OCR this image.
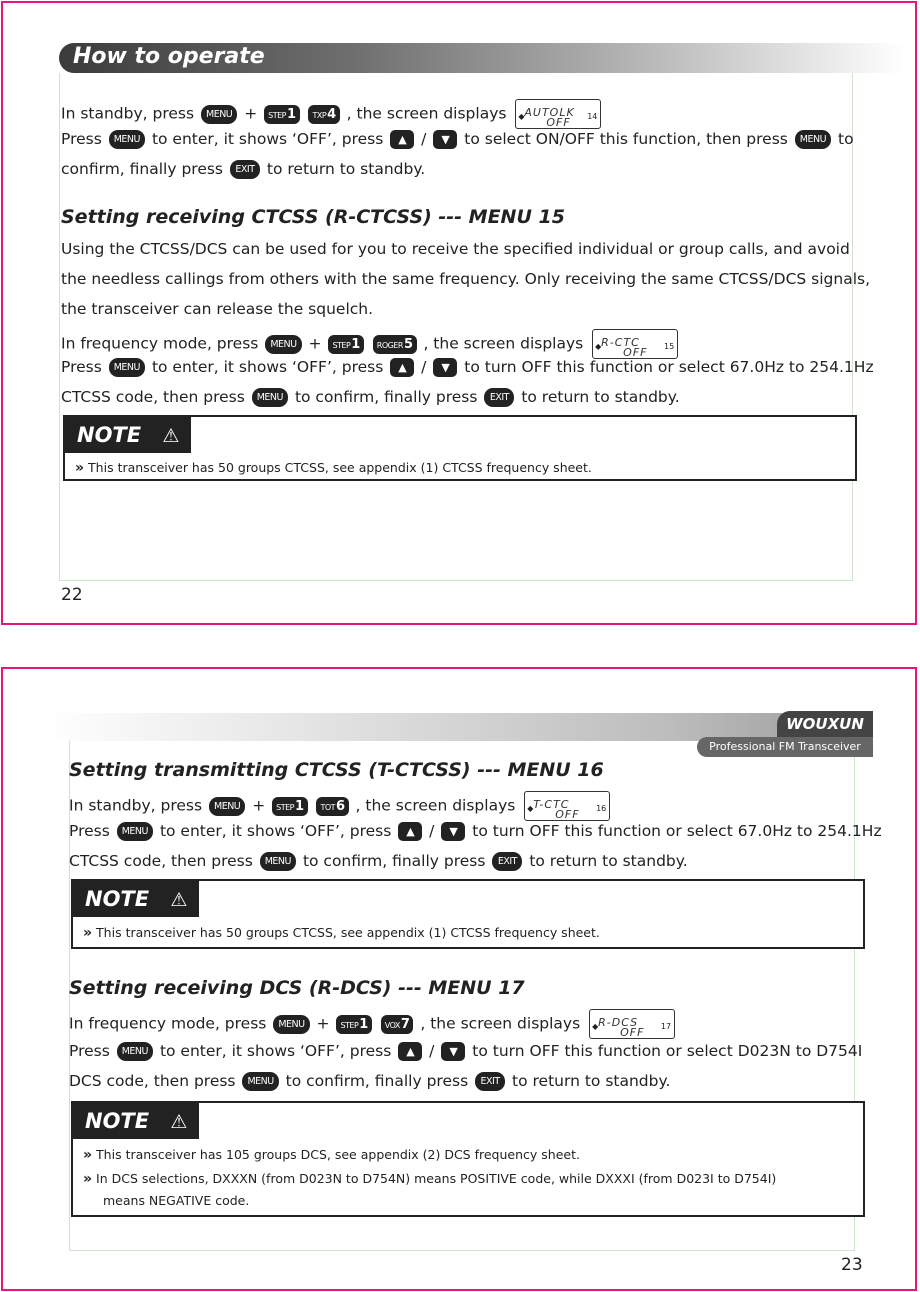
How to operate
In standby, press MENU + STEP1 TXP4 , the screen displays ◆ AUTOLK
OFF 14
Press MENU to enter, it shows ‘OFF’, press ▲ / ▼ to select ON/OFF this function, then press MENU to
confirm, finally press EXIT to return to standby.
Setting receiving CTCSS (R-CTCSS) --- MENU 15
Using the CTCSS/DCS can be used for you to receive the specified individual or group calls, and avoid
the needless callings from others with the same frequency. Only receiving the same CTCSS/DCS signals,
the transceiver can release the squelch.
In frequency mode, press MENU + STEP1 ROGER5 , the screen displays ◆ R-CTC
OFF 15
Press MENU to enter, it shows ‘OFF’, press ▲ / ▼ to turn OFF this function or select 67.0Hz to 254.1Hz
CTCSS code, then press MENU to confirm, finally press EXIT to return to standby.
NOTE ⚠
» This transceiver has 50 groups CTCSS, see appendix (1) CTCSS frequency sheet.
22
WOUXUN
Professional FM Transceiver
Setting transmitting CTCSS (T-CTCSS) --- MENU 16
In standby, press MENU + STEP1 TOT6 , the screen displays ◆ T-CTC
OFF 16
Press MENU to enter, it shows ‘OFF’, press ▲ / ▼ to turn OFF this function or select 67.0Hz to 254.1Hz
CTCSS code, then press MENU to confirm, finally press EXIT to return to standby.
NOTE ⚠
» This transceiver has 50 groups CTCSS, see appendix (1) CTCSS frequency sheet.
Setting receiving DCS (R-DCS) --- MENU 17
In frequency mode, press MENU + STEP1 VOX7 , the screen displays ◆ R-DCS
OFF 17
Press MENU to enter, it shows ‘OFF’, press ▲ / ▼ to turn OFF this function or select D023N to D754I
DCS code, then press MENU to confirm, finally press EXIT to return to standby.
NOTE ⚠
» This transceiver has 105 groups DCS, see appendix (2) DCS frequency sheet.
» In DCS selections, DXXXN (from D023N to D754N) means POSITIVE code, while DXXXI (from D023I to D754I)
means NEGATIVE code.
23
